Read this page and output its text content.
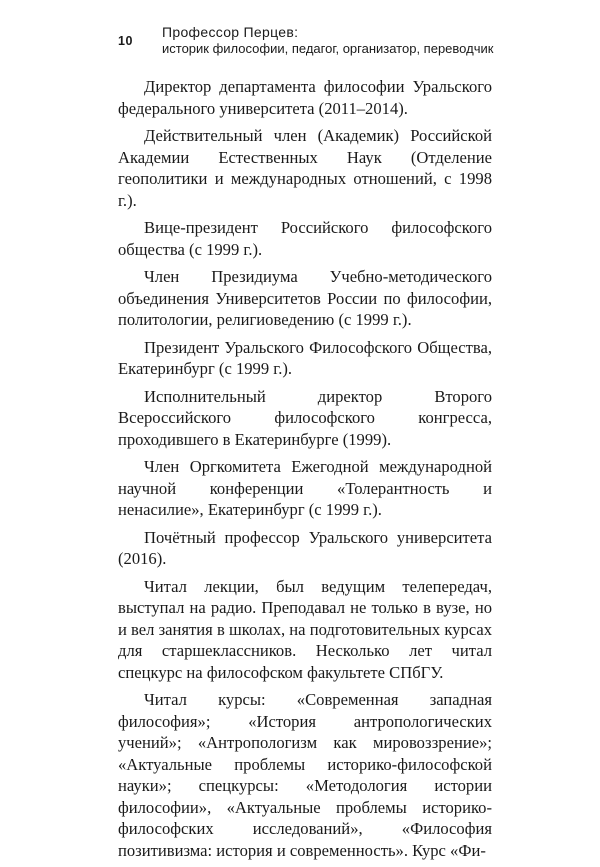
10
Профессор Перцев:
историк философии, педагог, организатор, переводчик

Директор департамента философии Уральского федерального университета (2011–2014).

Действительный член (Академик) Российской Академии Естественных Наук (Отделение геополитики и международных отношений, с 1998 г.).

Вице-президент Российского философского общества (с 1999 г.).

Член Президиума Учебно-методического объединения Университетов России по философии, политологии, религиоведению (с 1999 г.).

Президент Уральского Философского Общества, Екатеринбург (с 1999 г.).

Исполнительный директор Второго Всероссийского философского конгресса, проходившего в Екатеринбурге (1999).

Член Оргкомитета Ежегодной международной научной конференции «Толерантность и ненасилие», Екатеринбург (с 1999 г.).

Почётный профессор Уральского университета (2016).

Читал лекции, был ведущим телепередач, выступал на радио. Преподавал не только в вузе, но и вел занятия в школах, на подготовительных курсах для старшеклассников. Несколько лет читал спецкурс на философском факультете СПбГУ.

Читал курсы: «Современная западная философия»; «История антропологических учений»; «Антропологизм как мировоззрение»; «Актуальные проблемы историко-философской науки»; спецкурсы: «Методология истории философии», «Актуальные проблемы историко-философских исследований», «Философия позитивизма: история и современность». Курс «Фи-
